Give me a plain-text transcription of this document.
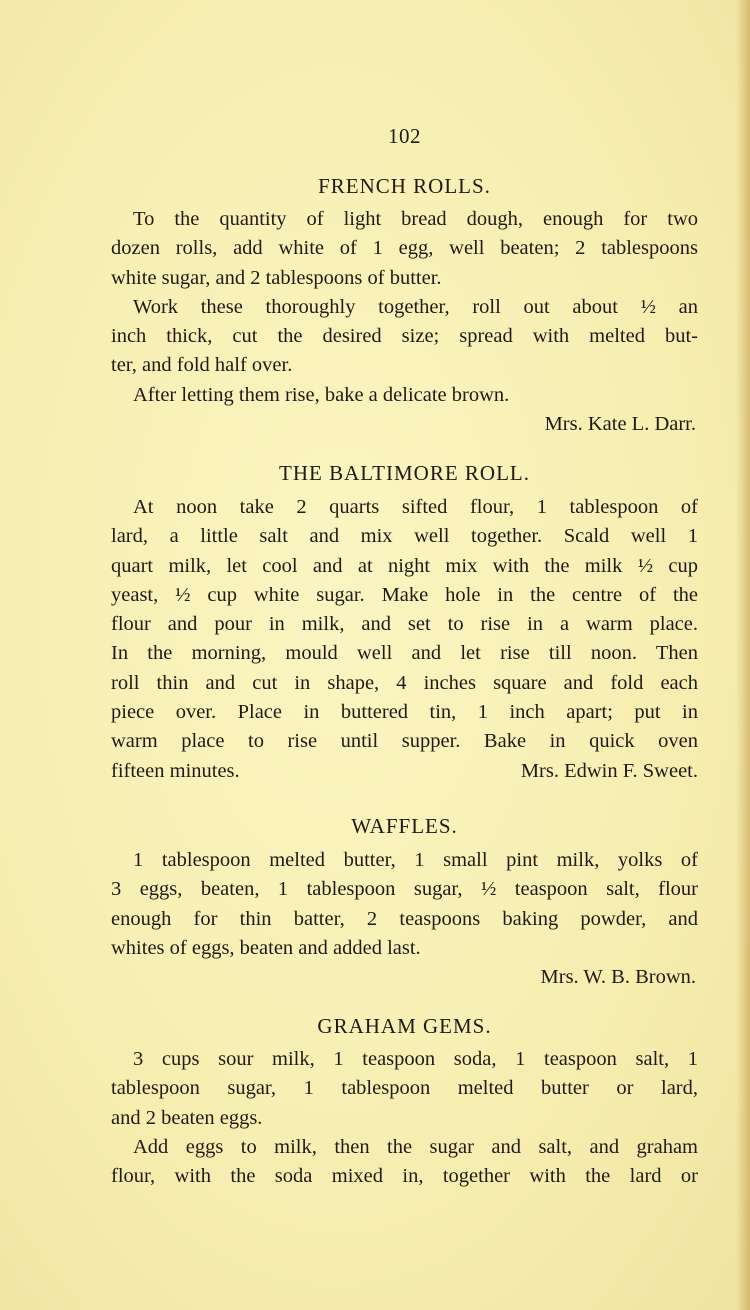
102
FRENCH ROLLS.
To the quantity of light bread dough, enough for two
dozen rolls, add white of 1 egg, well beaten; 2 tablespoons
white sugar, and 2 tablespoons of butter.
Work these thoroughly together, roll out about ½ an
inch thick, cut the desired size; spread with melted but-
ter, and fold half over.
After letting them rise, bake a delicate brown.
Mrs. Kate L. Darr.
THE BALTIMORE ROLL.
At noon take 2 quarts sifted flour, 1 tablespoon of
lard, a little salt and mix well together. Scald well 1
quart milk, let cool and at night mix with the milk ½ cup
yeast, ½ cup white sugar. Make hole in the centre of the
flour and pour in milk, and set to rise in a warm place.
In the morning, mould well and let rise till noon. Then
roll thin and cut in shape, 4 inches square and fold each
piece over. Place in buttered tin, 1 inch apart; put in
warm place to rise until supper. Bake in quick oven
fifteen minutes.	Mrs. Edwin F. Sweet.
WAFFLES.
1 tablespoon melted butter, 1 small pint milk, yolks of
3 eggs, beaten, 1 tablespoon sugar, ½ teaspoon salt, flour
enough for thin batter, 2 teaspoons baking powder, and
whites of eggs, beaten and added last.
Mrs. W. B. Brown.
GRAHAM GEMS.
3 cups sour milk, 1 teaspoon soda, 1 teaspoon salt, 1
tablespoon sugar, 1 tablespoon melted butter or lard,
and 2 beaten eggs.
Add eggs to milk, then the sugar and salt, and graham
flour, with the soda mixed in, together with the lard or
